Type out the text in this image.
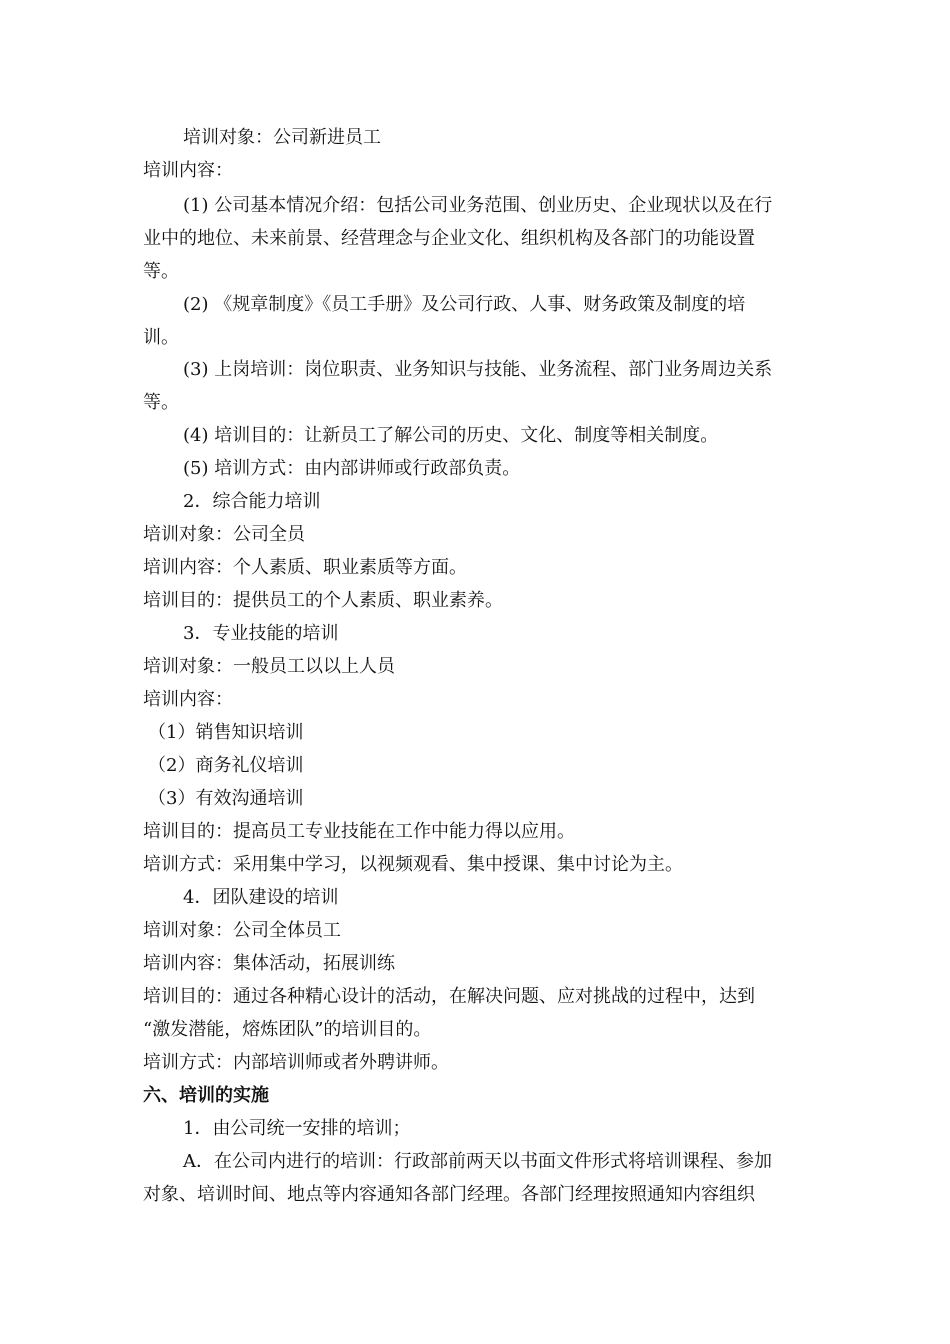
培训对象：公司新进员工
培训内容：
(1) 公司基本情况介绍：包括公司业务范围、创业历史、企业现状以及在行
业中的地位、未来前景、经营理念与企业文化、组织机构及各部门的功能设置
等。
(2) 《规章制度》《员工手册》及公司行政、人事、财务政策及制度的培
训。
(3) 上岗培训：岗位职责、业务知识与技能、业务流程、部门业务周边关系
等。
(4) 培训目的：让新员工了解公司的历史、文化、制度等相关制度。
(5) 培训方式：由内部讲师或行政部负责。
2．综合能力培训
培训对象：公司全员
培训内容：个人素质、职业素质等方面。
培训目的：提供员工的个人素质、职业素养。
3．专业技能的培训
培训对象：一般员工以以上人员
培训内容：
（1）销售知识培训
（2）商务礼仪培训
（3）有效沟通培训
培训目的：提高员工专业技能在工作中能力得以应用。
培训方式：采用集中学习，以视频观看、集中授课、集中讨论为主。
4．团队建设的培训
培训对象：公司全体员工
培训内容：集体活动，拓展训练
培训目的：通过各种精心设计的活动，在解决问题、应对挑战的过程中，达到
“激发潜能，熔炼团队”的培训目的。
培训方式：内部培训师或者外聘讲师。
六、培训的实施
1．由公司统一安排的培训；
A．在公司内进行的培训：行政部前两天以书面文件形式将培训课程、参加
对象、培训时间、地点等内容通知各部门经理。各部门经理按照通知内容组织
